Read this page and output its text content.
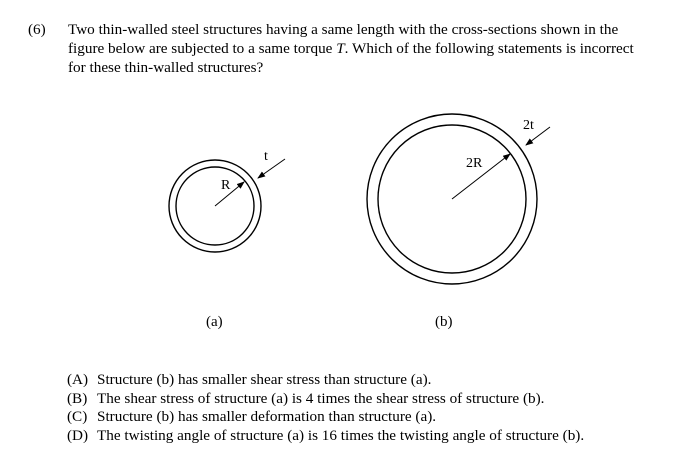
(6) Two thin-walled steel structures having a same length with the cross-sections shown in the
figure below are subjected to a same torque T. Which of the following statements is incorrect
for these thin-walled structures?
R
t	2R
2t
(a)	(b)
(A) Structure (b) has smaller shear stress than structure (a).
(B) The shear stress of structure (a) is 4 times the shear stress of structure (b).
(C) Structure (b) has smaller deformation than structure (a).
(D) The twisting angle of structure (a) is 16 times the twisting angle of structure (b).
